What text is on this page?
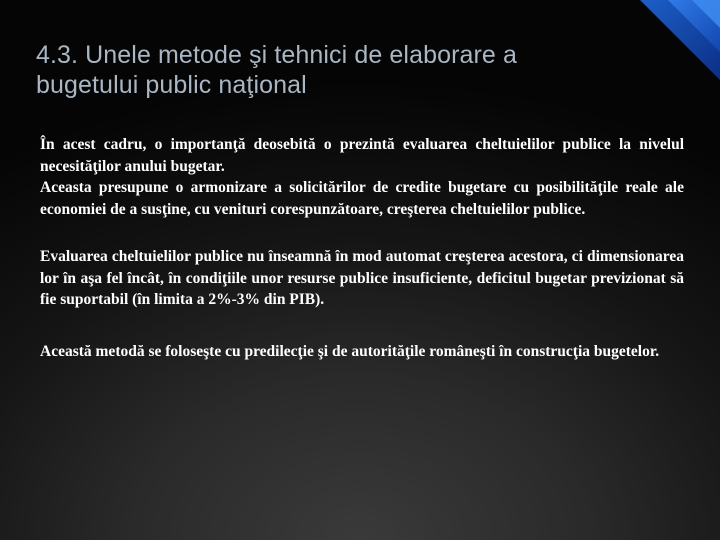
4.3. Unele metode şi tehnici de elaborare a bugetului public naţional

În acest cadru, o importanţă deosebită o prezintă evaluarea cheltuielilor publice la nivelul necesităţilor anului bugetar.

Aceasta presupune o armonizare a solicitărilor de credite bugetare cu posibilităţile reale ale economiei de a susţine, cu venituri corespunzătoare, creşterea cheltuielilor publice.

Evaluarea cheltuielilor publice nu înseamnă în mod automat creşterea acestora, ci dimensionarea lor în aşa fel încât, în condiţiile unor resurse publice insuficiente, deficitul bugetar previzionat să fie suportabil (în limita a 2%-3% din PIB).

Această metodă se foloseşte cu predilecţie şi de autorităţile româneşti în construcţia bugetelor.
